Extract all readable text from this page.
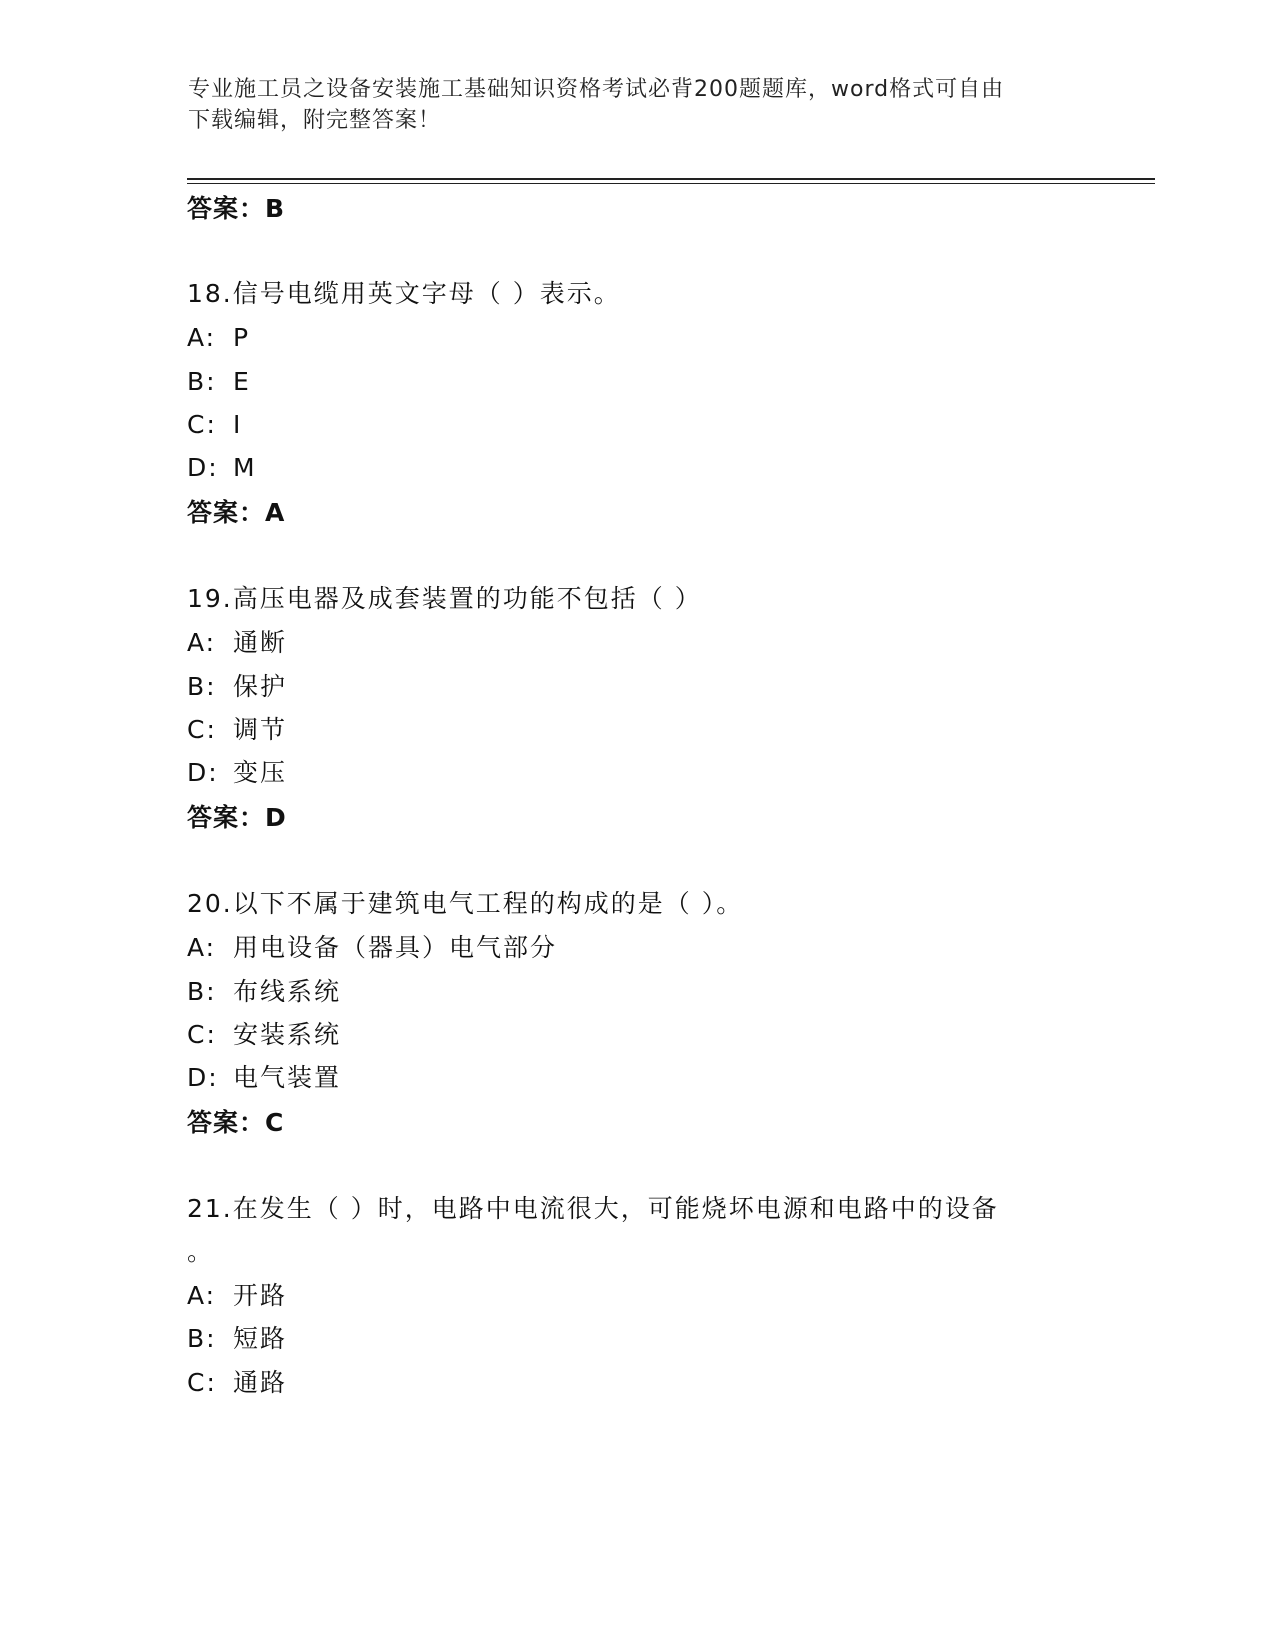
专业施工员之设备安装施工基础知识资格考试必背200题题库，word格式可自由
下载编辑，附完整答案！
答案：B
18.信号电缆用英文字母（ ）表示。
A: P
B: E
C: I
D: M
答案：A
19.高压电器及成套装置的功能不包括（ ）
A: 通断
B: 保护
C: 调节
D: 变压
答案：D
20.以下不属于建筑电气工程的构成的是（ ）。
A: 用电设备（器具）电气部分
B: 布线系统
C: 安装系统
D: 电气装置
答案：C
21.在发生（ ）时，电路中电流很大，可能烧坏电源和电路中的设备
。
A: 开路
B: 短路
C: 通路
